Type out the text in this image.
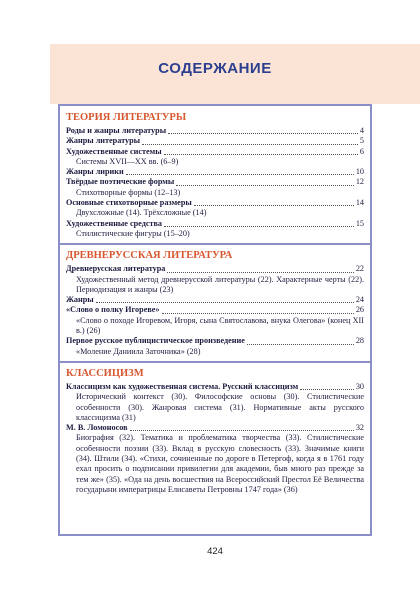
СОДЕРЖАНИЕ
ТЕОРИЯ ЛИТЕРАТУРЫ
Роды и жанры литературы	4
Жанры литературы	5
Художественные системы	6
Системы XVII—XX вв. (6–9)
Жанры лирики	10
Твёрдые поэтические формы	12
Стихотворные формы (12–13)
Основные стихотворные размеры	14
Двухсложные (14). Трёхсложные (14)
Художественные средства	15
Стилистические фигуры (15–20)
ДРЕВНЕРУССКАЯ ЛИТЕРАТУРА
Древнерусская литература	22
Художественный метод древнерусской литературы (22). Характерные черты (22). Периодизация и жанры (23)
Жанры	24
«Слово о полку Игореве»	26
«Слово о походе Игоревом, Игоря, сына Святославова, внука Олегова» (конец XII в.) (26)
Первое русское публицистическое произведение	28
«Моление Даниила Заточника» (28)
КЛАССИЦИЗМ
Классицизм как художественная система. Русский классицизм	30
Исторический контекст (30). Философские основы (30). Стилистические особенности (30). Жанровая система (31). Нормативные акты русского классицизма (31)
М. В. Ломоносов	32
Биография (32). Тематика и проблематика творчества (33). Стилистические особенности поэзии (33). Вклад в русскую словесность (33). Значимые книги (34). Штили (34). «Стихи, сочиненные по дороге в Петергоф, когда я в 1761 году ехал просить о подписании привилегии для академии, быв много раз прежде за тем же» (35). «Ода на день восшествия на Всероссийский Престол Её Величества государыни императрицы Елисаветы Петровны 1747 года» (36)
424
